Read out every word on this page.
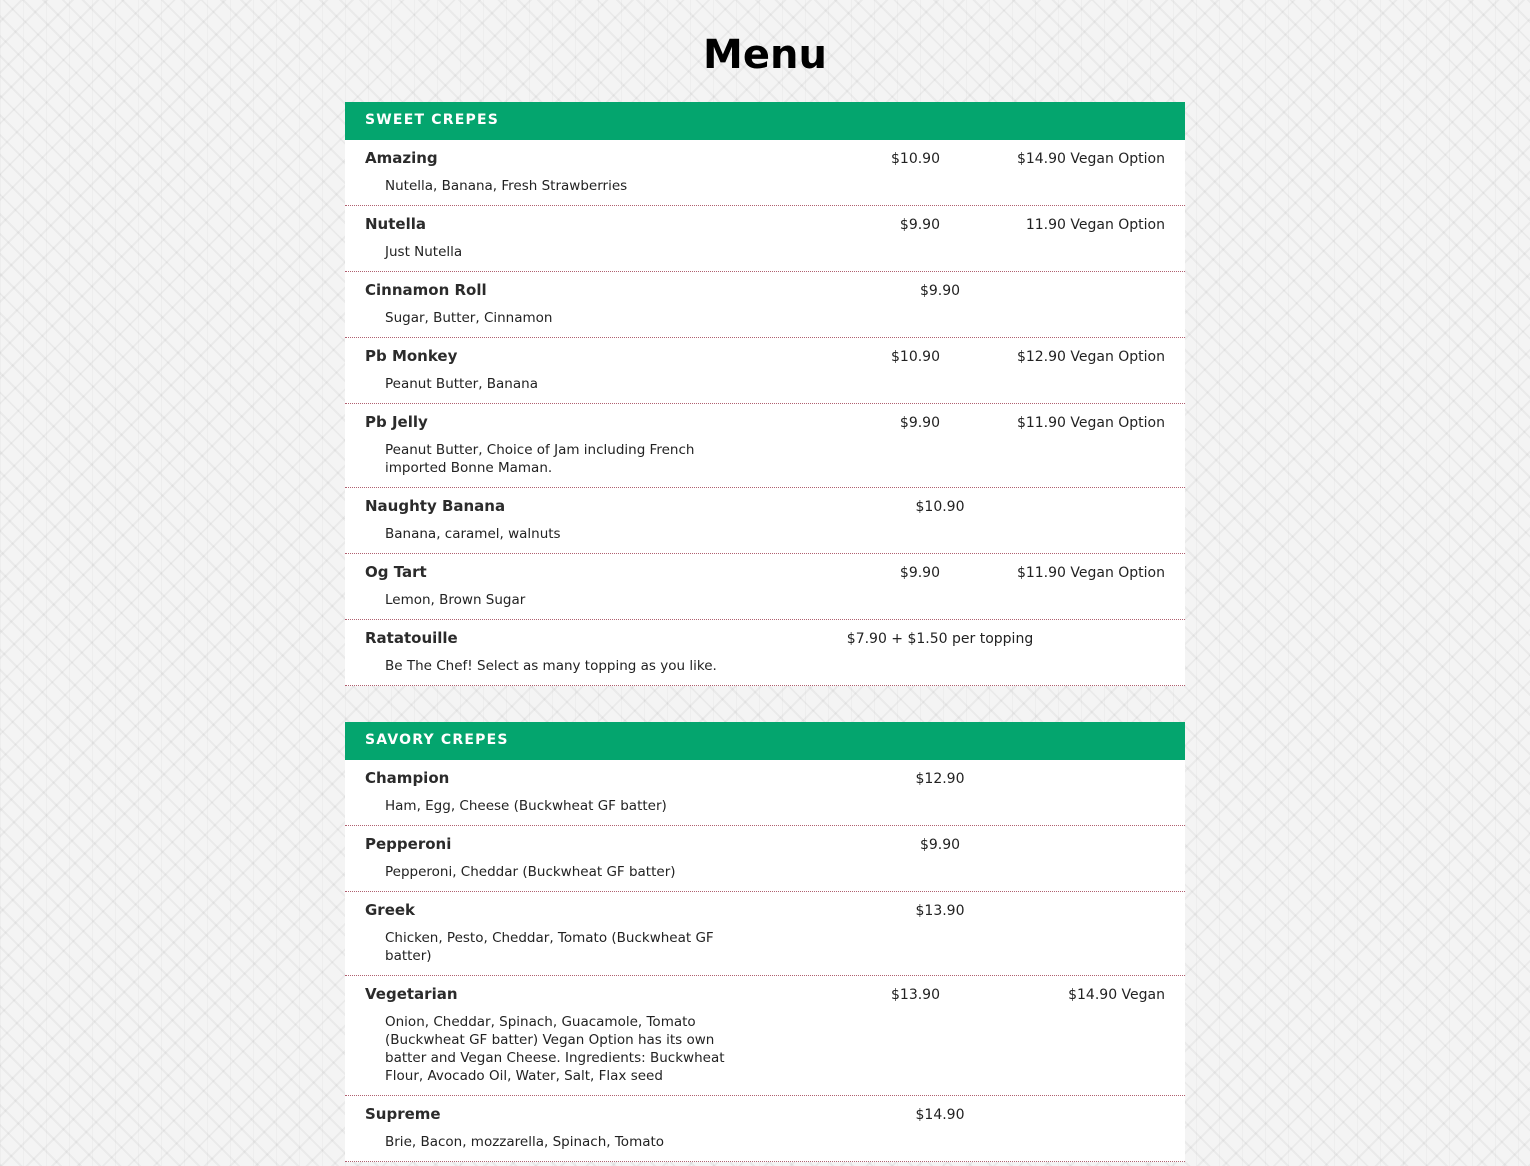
Menu
SWEET CREPES
Amazing
Nutella, Banana, Fresh Strawberries
$10.90	$14.90 Vegan Option
Nutella
Just Nutella
$9.90	11.90 Vegan Option
Cinnamon Roll
Sugar, Butter, Cinnamon
$9.90
Pb Monkey
Peanut Butter, Banana
$10.90	$12.90 Vegan Option
Pb Jelly
Peanut Butter, Choice of Jam including French imported Bonne Maman.
$9.90	$11.90 Vegan Option
Naughty Banana
Banana, caramel, walnuts
$10.90
Og Tart
Lemon, Brown Sugar
$9.90	$11.90 Vegan Option
Ratatouille
Be The Chef! Select as many topping as you like.
$7.90 + $1.50 per topping
SAVORY CREPES
Champion
Ham, Egg, Cheese (Buckwheat GF batter)
$12.90
Pepperoni
Pepperoni, Cheddar (Buckwheat GF batter)
$9.90
Greek
Chicken, Pesto, Cheddar, Tomato (Buckwheat GF batter)
$13.90
Vegetarian
Onion, Cheddar, Spinach, Guacamole, Tomato (Buckwheat GF batter) Vegan Option has its own batter and Vegan Cheese. Ingredients: Buckwheat Flour, Avocado Oil, Water, Salt, Flax seed
$13.90	$14.90 Vegan
Supreme
Brie, Bacon, mozzarella, Spinach, Tomato
$14.90
